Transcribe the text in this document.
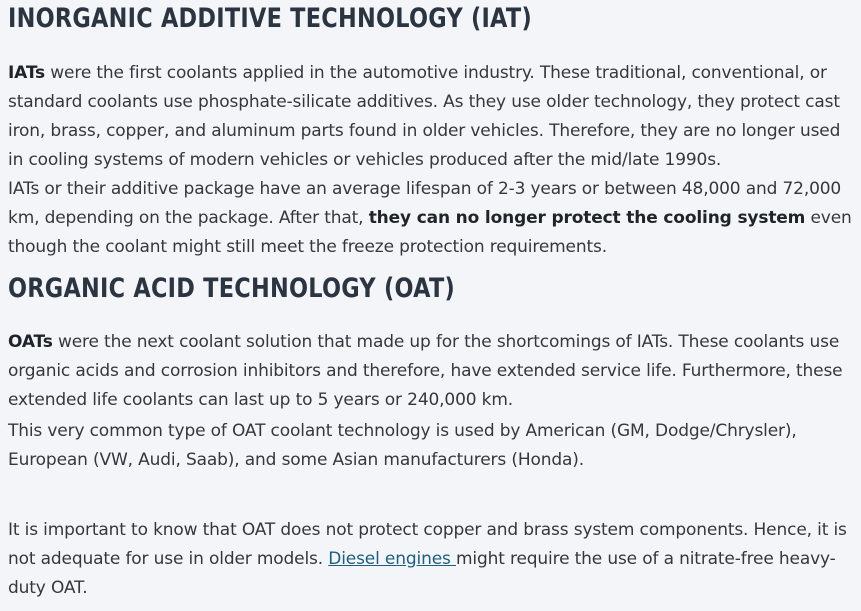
INORGANIC ADDITIVE TECHNOLOGY (IAT)

IATs were the first coolants applied in the automotive industry. These traditional, conventional, or standard coolants use phosphate-silicate additives. As they use older technology, they protect cast iron, brass, copper, and aluminum parts found in older vehicles. Therefore, they are no longer used in cooling systems of modern vehicles or vehicles produced after the mid/late 1990s.

IATs or their additive package have an average lifespan of 2-3 years or between 48,000 and 72,000 km, depending on the package. After that, they can no longer protect the cooling system even though the coolant might still meet the freeze protection requirements.

ORGANIC ACID TECHNOLOGY (OAT)

OATs were the next coolant solution that made up for the shortcomings of IATs. These coolants use organic acids and corrosion inhibitors and therefore, have extended service life. Furthermore, these extended life coolants can last up to 5 years or 240,000 km.

This very common type of OAT coolant technology is used by American (GM, Dodge/Chrysler), European (VW, Audi, Saab), and some Asian manufacturers (Honda).

It is important to know that OAT does not protect copper and brass system components. Hence, it is not adequate for use in older models. Diesel engines might require the use of a nitrate-free heavy-duty OAT.
